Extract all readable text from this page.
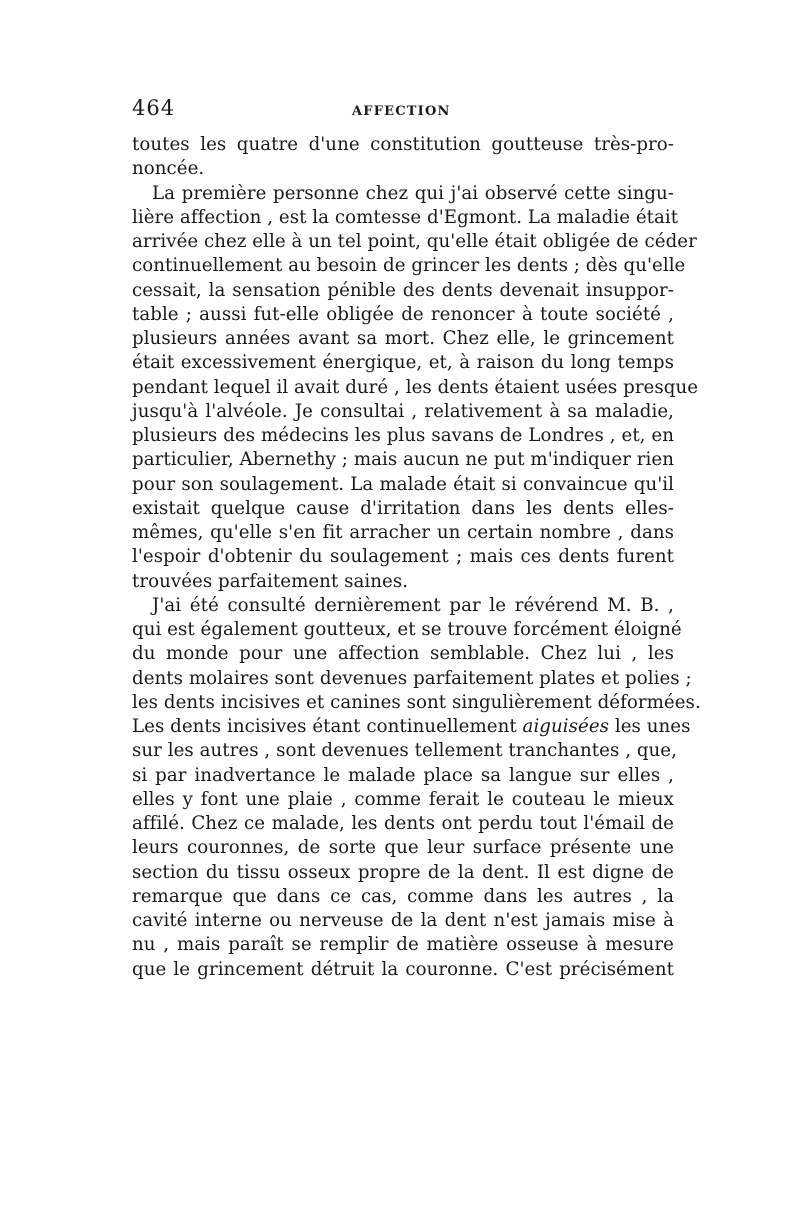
464	AFFECTION
toutes les quatre d'une constitution goutteuse très-pro-
noncée.
La première personne chez qui j'ai observé cette singu-
lière affection , est la comtesse d'Egmont. La maladie était
arrivée chez elle à un tel point, qu'elle était obligée de céder
continuellement au besoin de grincer les dents ; dès qu'elle
cessait, la sensation pénible des dents devenait insuppor-
table ; aussi fut-elle obligée de renoncer à toute société ,
plusieurs années avant sa mort. Chez elle, le grincement
était excessivement énergique, et, à raison du long temps
pendant lequel il avait duré , les dents étaient usées presque
jusqu'à l'alvéole. Je consultai , relativement à sa maladie,
plusieurs des médecins les plus savans de Londres , et, en
particulier, Abernethy ; mais aucun ne put m'indiquer rien
pour son soulagement. La malade était si convaincue qu'il
existait quelque cause d'irritation dans les dents elles-
mêmes, qu'elle s'en fit arracher un certain nombre , dans
l'espoir d'obtenir du soulagement ; mais ces dents furent
trouvées parfaitement saines.
J'ai été consulté dernièrement par le révérend M. B. ,
qui est également goutteux, et se trouve forcément éloigné
du monde pour une affection semblable. Chez lui , les
dents molaires sont devenues parfaitement plates et polies ;
les dents incisives et canines sont singulièrement déformées.
Les dents incisives étant continuellement aiguisées les unes
sur les autres , sont devenues tellement tranchantes , que,
si par inadvertance le malade place sa langue sur elles ,
elles y font une plaie , comme ferait le couteau le mieux
affilé. Chez ce malade, les dents ont perdu tout l'émail de
leurs couronnes, de sorte que leur surface présente une
section du tissu osseux propre de la dent. Il est digne de
remarque que dans ce cas, comme dans les autres , la
cavité interne ou nerveuse de la dent n'est jamais mise à
nu , mais paraît se remplir de matière osseuse à mesure
que le grincement détruit la couronne. C'est précisément
